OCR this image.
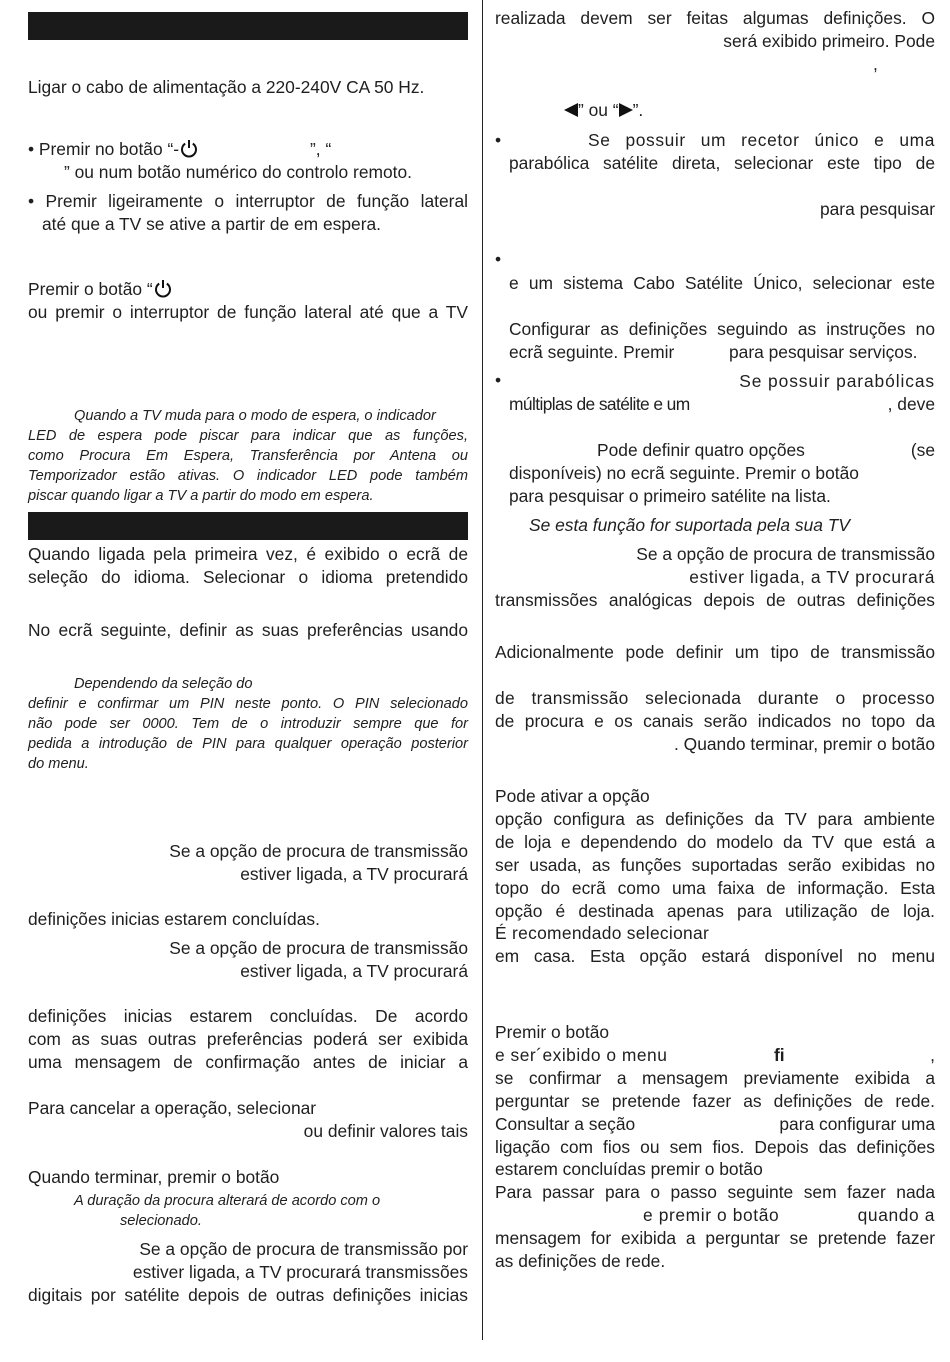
Ligar o cabo de alimentação a 220-240V CA 50 Hz.
• Premir no botão “-	”, “
” ou num botão numérico do controlo remoto.
• Premir ligeiramente o interruptor de função lateral
até que a TV se ative a partir de em espera.
Premir o botão “
ou premir o interruptor de função lateral até que a TV
Quando a TV muda para o modo de espera, o indicador
LED de espera pode piscar para indicar que as funções,
como Procura Em Espera, Transferência por Antena ou
Temporizador estão ativas. O indicador LED pode também
piscar quando ligar a TV a partir do modo em espera.
Quando ligada pela primeira vez, é exibido o ecrã de
seleção do idioma. Selecionar o idioma pretendido
No ecrã seguinte, definir as suas preferências usando
Dependendo da seleção do
definir e confirmar um PIN neste ponto. O PIN selecionado
não pode ser 0000. Tem de o introduzir sempre que for
pedida a introdução de PIN para qualquer operação posterior
do menu.
Se a opção de procura de transmissão
estiver ligada, a TV procurará
definições inicias estarem concluídas.
Se a opção de procura de transmissão
estiver ligada, a TV procurará
definições inicias estarem concluídas. De acordo
com as suas outras preferências poderá ser exibida
uma mensagem de confirmação antes de iniciar a
Para cancelar a operação, selecionar
ou definir valores tais
Quando terminar, premir o botão
A duração da procura alterará de acordo com o
selecionado.
Se a opção de procura de transmissão por
estiver ligada, a TV procurará transmissões
digitais por satélite depois de outras definições inicias
realizada devem ser feitas algumas definições. O
será exibido primeiro. Pode
,
” ou “ ”.
•	Se possuir um recetor único e uma
parabólica satélite direta, selecionar este tipo de
para pesquisar
•
e um sistema Cabo Satélite Único, selecionar este
Configurar as definições seguindo as instruções no
ecrã seguinte. Premir	para pesquisar serviços.
•	Se possuir parabólicas
múltiplas de satélite e um	, deve
Pode definir quatro opções	(se
disponíveis) no ecrã seguinte. Premir o botão
para pesquisar o primeiro satélite na lista.
Se esta função for suportada pela sua TV
Se a opção de procura de transmissão
estiver ligada, a TV procurará
transmissões analógicas depois de outras definições
Adicionalmente pode definir um tipo de transmissão
de transmissão selecionada durante o processo
de procura e os canais serão indicados no topo da
. Quando terminar, premir o botão
Pode ativar a opção
opção configura as definições da TV para ambiente
de loja e dependendo do modelo da TV que está a
ser usada, as funções suportadas serão exibidas no
topo do ecrã como uma faixa de informação. Esta
opção é destinada apenas para utilização de loja.
É recomendado selecionar
em casa. Esta opção estará disponível no menu
Premir o botão
e ser´exibido o menu	fi	,
se confirmar a mensagem previamente exibida a
perguntar se pretende fazer as definições de rede.
Consultar a seção	para configurar uma
ligação com fios ou sem fios. Depois das definições
estarem concluídas premir o botão
Para passar para o passo seguinte sem fazer nada
e premir o botão	quando a
mensagem for exibida a perguntar se pretende fazer
as definições de rede.
